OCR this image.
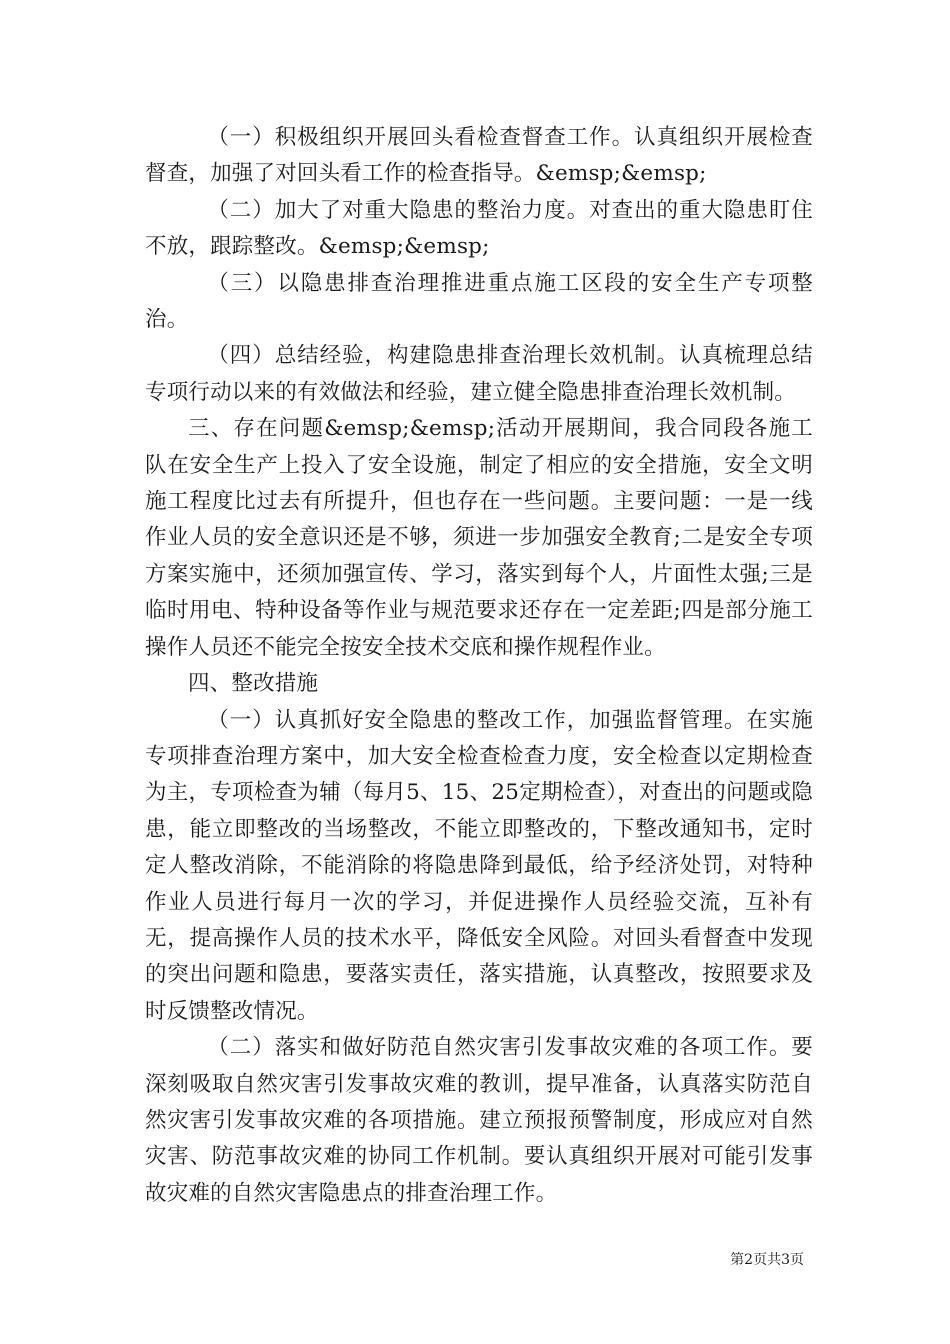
（一）积极组织开展回头看检查督查工作。认真组织开展检查督查，加强了对回头看工作的检查指导。&emsp;&emsp;

（二）加大了对重大隐患的整治力度。对查出的重大隐患盯住不放，跟踪整改。&emsp;&emsp;

（三）以隐患排查治理推进重点施工区段的安全生产专项整治。

（四）总结经验，构建隐患排查治理长效机制。认真梳理总结专项行动以来的有效做法和经验，建立健全隐患排查治理长效机制。

三、存在问题&emsp;&emsp;活动开展期间，我合同段各施工队在安全生产上投入了安全设施，制定了相应的安全措施，安全文明施工程度比过去有所提升，但也存在一些问题。主要问题：一是一线作业人员的安全意识还是不够，须进一步加强安全教育;二是安全专项方案实施中，还须加强宣传、学习，落实到每个人，片面性太强;三是临时用电、特种设备等作业与规范要求还存在一定差距;四是部分施工操作人员还不能完全按安全技术交底和操作规程作业。

四、整改措施

（一）认真抓好安全隐患的整改工作，加强监督管理。在实施专项排查治理方案中，加大安全检查检查力度，安全检查以定期检查为主，专项检查为辅（每月5、15、25定期检查），对查出的问题或隐患，能立即整改的当场整改，不能立即整改的，下整改通知书，定时定人整改消除，不能消除的将隐患降到最低，给予经济处罚，对特种作业人员进行每月一次的学习，并促进操作人员经验交流，互补有无，提高操作人员的技术水平，降低安全风险。对回头看督查中发现的突出问题和隐患，要落实责任，落实措施，认真整改，按照要求及时反馈整改情况。

（二）落实和做好防范自然灾害引发事故灾难的各项工作。要深刻吸取自然灾害引发事故灾难的教训，提早准备，认真落实防范自然灾害引发事故灾难的各项措施。建立预报预警制度，形成应对自然灾害、防范事故灾难的协同工作机制。要认真组织开展对可能引发事故灾难的自然灾害隐患点的排查治理工作。

第2页共3页
